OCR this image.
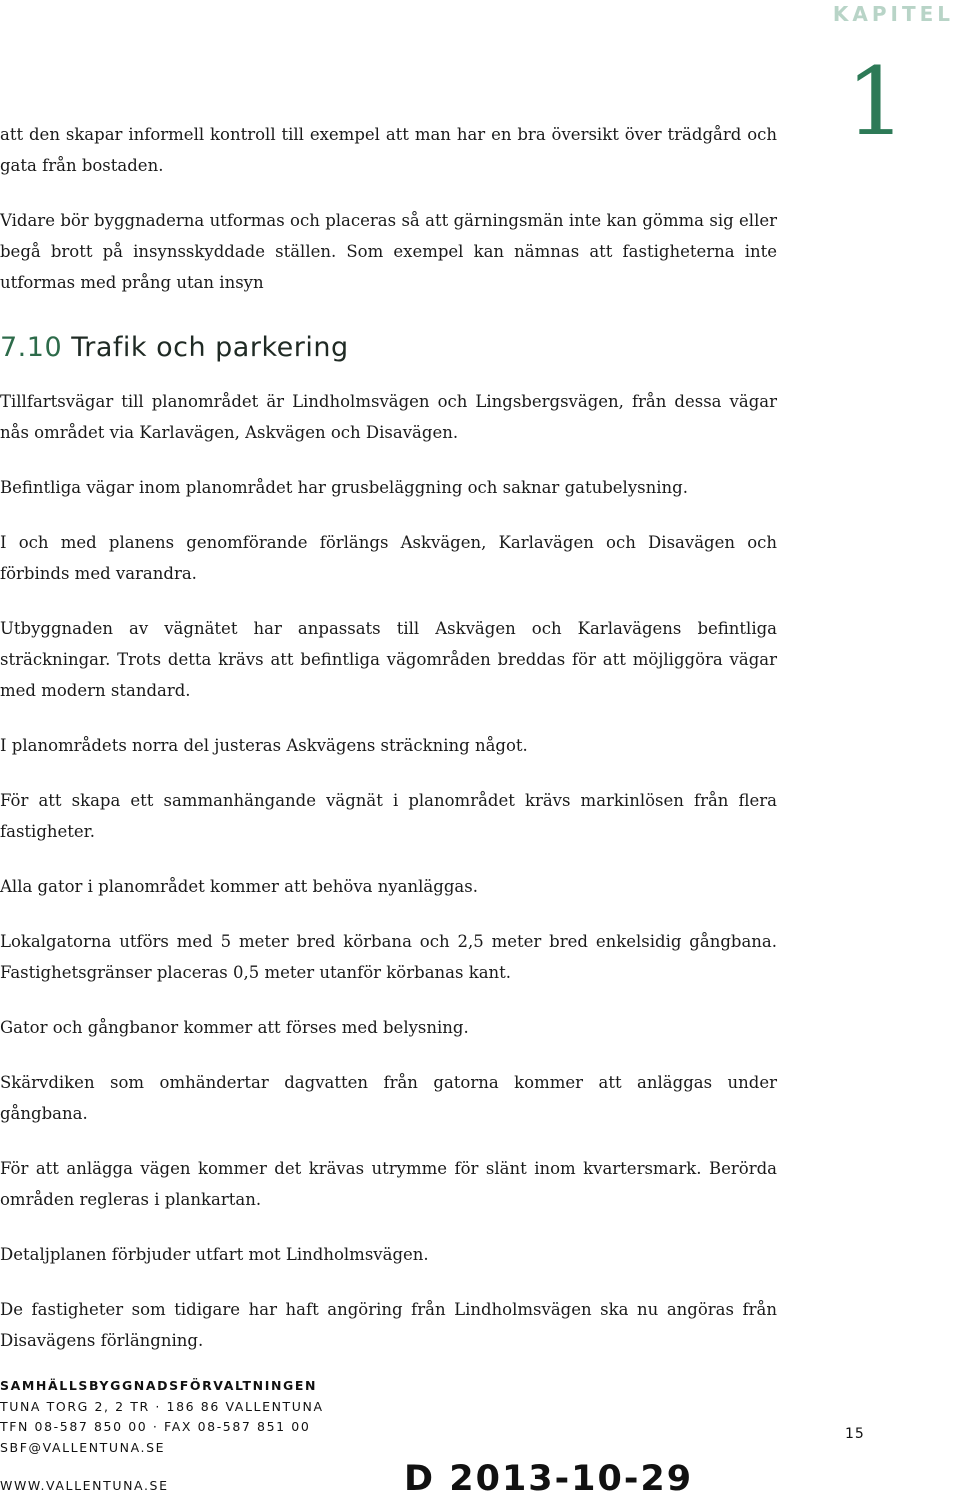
KAPITEL
1

att den skapar informell kontroll till exempel att man har en bra översikt över trädgård och gata från bostaden.

Vidare bör byggnaderna utformas och placeras så att gärningsmän inte kan gömma sig eller begå brott på insynsskyddade ställen. Som exempel kan nämnas att fastigheterna inte utformas med prång utan insyn

7.10 Trafik och parkering

Tillfartsvägar till planområdet är Lindholmsvägen och Lingsbergsvägen, från dessa vägar nås området via Karlavägen, Askvägen och Disavägen.

Befintliga vägar inom planområdet har grusbeläggning och saknar gatubelysning.

I och med planens genomförande förlängs Askvägen, Karlavägen och Disavägen och förbinds med varandra.

Utbyggnaden av vägnätet har anpassats till Askvägen och Karlavägens befintliga sträckningar. Trots detta krävs att befintliga vägområden breddas för att möjliggöra vägar med modern standard.

I planområdets norra del justeras Askvägens sträckning något.

För att skapa ett sammanhängande vägnät i planområdet krävs markinlösen från flera fastigheter.

Alla gator i planområdet kommer att behöva nyanläggas.

Lokalgatorna utförs med 5 meter bred körbana och 2,5 meter bred enkelsidig gångbana. Fastighetsgränser placeras 0,5 meter utanför körbanas kant.

Gator och gångbanor kommer att förses med belysning.

Skärvdiken som omhändertar dagvatten från gatorna kommer att anläggas under gångbana.

För att anlägga vägen kommer det krävas utrymme för slänt inom kvartersmark. Berörda områden regleras i plankartan.

Detaljplanen förbjuder utfart mot Lindholmsvägen.

De fastigheter som tidigare har haft angöring från Lindholmsvägen ska nu angöras från Disavägens förlängning.

SAMHÄLLSBYGGNADSFÖRVALTNINGEN
TUNA TORG 2, 2 TR · 186 86 VALLENTUNA
TFN 08-587 850 00 · FAX 08-587 851 00
SBF@VALLENTUNA.SE
WWW.VALLENTUNA.SE	D 2013-10-29
15
